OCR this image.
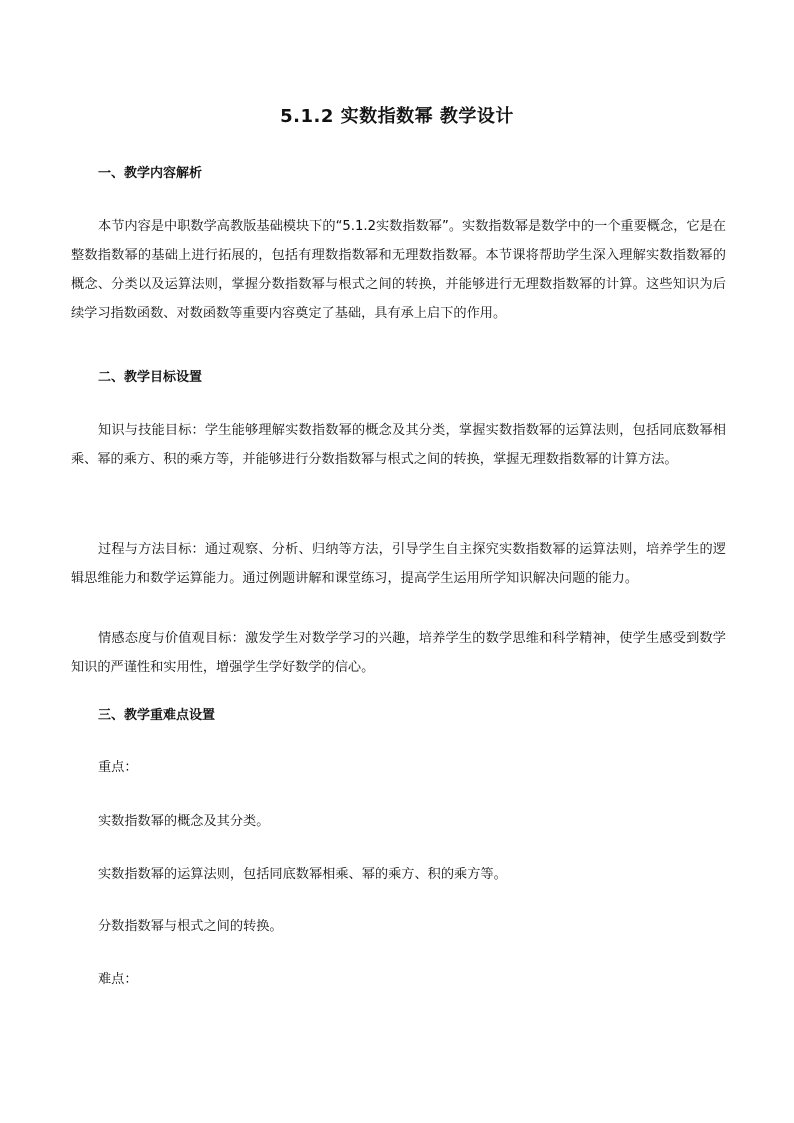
5.1.2 实数指数幂 教学设计
一、教学内容解析
本节内容是中职数学高教版基础模块下的“5.1.2实数指数幂”。实数指数幂是数学中的一个重要概念，它是在整数指数幂的基础上进行拓展的，包括有理数指数幂和无理数指数幂。本节课将帮助学生深入理解实数指数幂的概念、分类以及运算法则，掌握分数指数幂与根式之间的转换，并能够进行无理数指数幂的计算。这些知识为后续学习指数函数、对数函数等重要内容奠定了基础，具有承上启下的作用。
二、教学目标设置
知识与技能目标：学生能够理解实数指数幂的概念及其分类，掌握实数指数幂的运算法则，包括同底数幂相乘、幂的乘方、积的乘方等，并能够进行分数指数幂与根式之间的转换，掌握无理数指数幂的计算方法。
过程与方法目标：通过观察、分析、归纳等方法，引导学生自主探究实数指数幂的运算法则，培养学生的逻辑思维能力和数学运算能力。通过例题讲解和课堂练习，提高学生运用所学知识解决问题的能力。
情感态度与价值观目标：激发学生对数学学习的兴趣，培养学生的数学思维和科学精神，使学生感受到数学知识的严谨性和实用性，增强学生学好数学的信心。
三、教学重难点设置
重点：
实数指数幂的概念及其分类。
实数指数幂的运算法则，包括同底数幂相乘、幂的乘方、积的乘方等。
分数指数幂与根式之间的转换。
难点：
